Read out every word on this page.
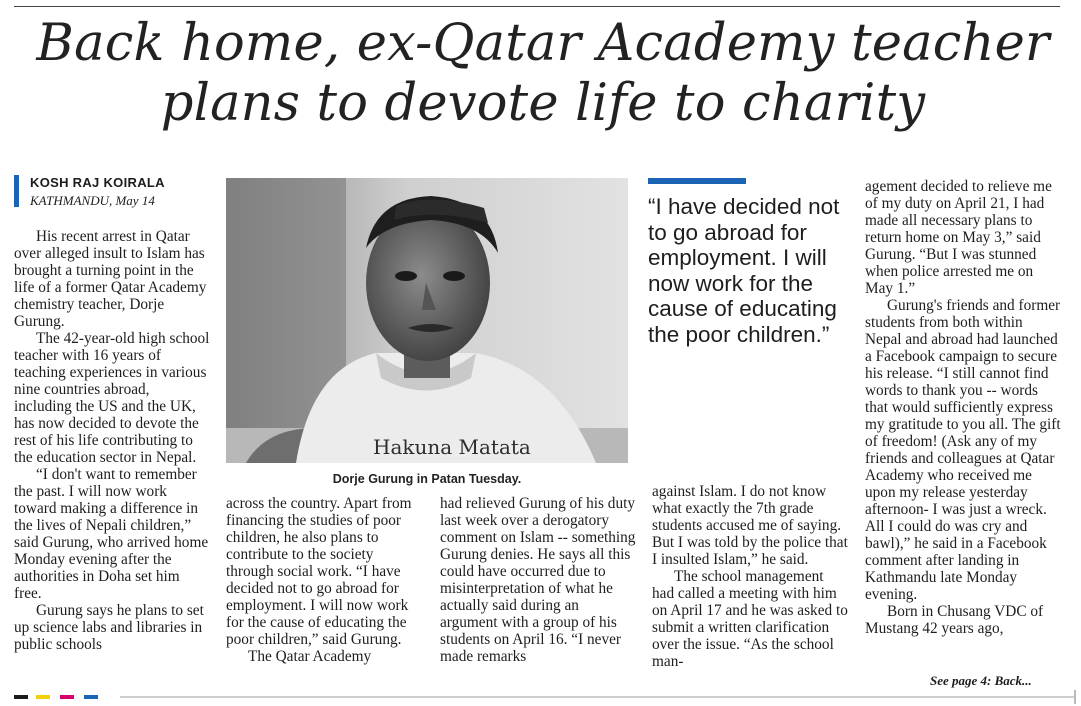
Back home, ex-Qatar Academy teacher plans to devote life to charity
KOSH RAJ KOIRALA
KATHMANDU, May 14

His recent arrest in Qatar over alleged insult to Islam has brought a turning point in the life of a former Qatar Academy chemistry teacher, Dorje Gurung.

The 42-year-old high school teacher with 16 years of teaching experiences in various nine countries abroad, including the US and the UK, has now decided to devote the rest of his life contributing to the education sector in Nepal.

“I don't want to remember the past. I will now work toward making a difference in the lives of Nepali children,” said Gurung, who arrived home Monday evening after the authorities in Doha set him free.

Gurung says he plans to set up science labs and libraries in public schools

Hakuna Matata
Dorje Gurung in Patan Tuesday.

across the country. Apart from financing the studies of poor children, he also plans to contribute to the society through social work. “I have decided not to go abroad for employment. I will now work for the cause of educating the poor children,” said Gurung.

The Qatar Academy

had relieved Gurung of his duty last week over a derogatory comment on Islam -- something Gurung denies. He says all this could have occurred due to misinterpretation of what he actually said during an argument with a group of his students on April 16. “I never made remarks

“I have decided not to go abroad for employment. I will now work for the cause of educating the poor children.”

against Islam. I do not know what exactly the 7th grade students accused me of saying. But I was told by the police that I insulted Islam,” he said.

The school management had called a meeting with him on April 17 and he was asked to submit a written clarification over the issue. “As the school man-

agement decided to relieve me of my duty on April 21, I had made all necessary plans to return home on May 3,” said Gurung. “But I was stunned when police arrested me on May 1.”

Gurung's friends and former students from both within Nepal and abroad had launched a Facebook campaign to secure his release. “I still cannot find words to thank you -- words that would sufficiently express my gratitude to you all. The gift of freedom! (Ask any of my friends and colleagues at Qatar Academy who received me upon my release yesterday afternoon- I was just a wreck. All I could do was cry and bawl),” he said in a Facebook comment after landing in Kathmandu late Monday evening.

Born in Chusang VDC of Mustang 42 years ago,

See page 4: Back...
